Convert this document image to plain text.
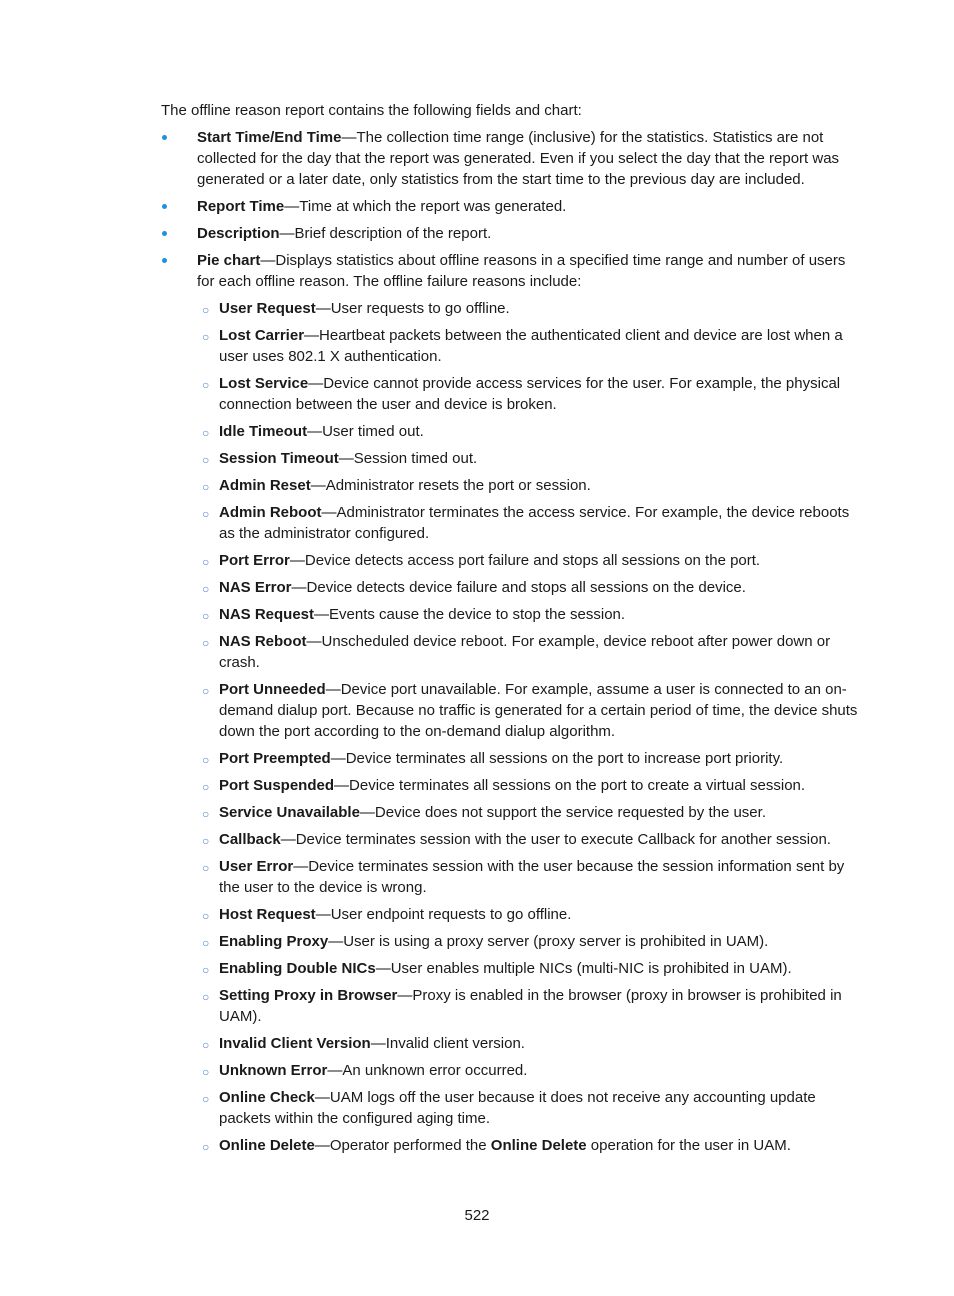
The offline reason report contains the following fields and chart:

Start Time/End Time—The collection time range (inclusive) for the statistics. Statistics are not collected for the day that the report was generated. Even if you select the day that the report was generated or a later date, only statistics from the start time to the previous day are included.
Report Time—Time at which the report was generated.
Description—Brief description of the report.
Pie chart—Displays statistics about offline reasons in a specified time range and number of users for each offline reason. The offline failure reasons include:
○ User Request—User requests to go offline.
○ Lost Carrier—Heartbeat packets between the authenticated client and device are lost when a user uses 802.1 X authentication.
○ Lost Service—Device cannot provide access services for the user. For example, the physical connection between the user and device is broken.
○ Idle Timeout—User timed out.
○ Session Timeout—Session timed out.
○ Admin Reset—Administrator resets the port or session.
○ Admin Reboot—Administrator terminates the access service. For example, the device reboots as the administrator configured.
○ Port Error—Device detects access port failure and stops all sessions on the port.
○ NAS Error—Device detects device failure and stops all sessions on the device.
○ NAS Request—Events cause the device to stop the session.
○ NAS Reboot—Unscheduled device reboot. For example, device reboot after power down or crash.
○ Port Unneeded—Device port unavailable. For example, assume a user is connected to an on-demand dialup port. Because no traffic is generated for a certain period of time, the device shuts down the port according to the on-demand dialup algorithm.
○ Port Preempted—Device terminates all sessions on the port to increase port priority.
○ Port Suspended—Device terminates all sessions on the port to create a virtual session.
○ Service Unavailable—Device does not support the service requested by the user.
○ Callback—Device terminates session with the user to execute Callback for another session.
○ User Error—Device terminates session with the user because the session information sent by the user to the device is wrong.
○ Host Request—User endpoint requests to go offline.
○ Enabling Proxy—User is using a proxy server (proxy server is prohibited in UAM).
○ Enabling Double NICs—User enables multiple NICs (multi-NIC is prohibited in UAM).
○ Setting Proxy in Browser—Proxy is enabled in the browser (proxy in browser is prohibited in UAM).
○ Invalid Client Version—Invalid client version.
○ Unknown Error—An unknown error occurred.
○ Online Check—UAM logs off the user because it does not receive any accounting update packets within the configured aging time.
○ Online Delete—Operator performed the Online Delete operation for the user in UAM.
522
